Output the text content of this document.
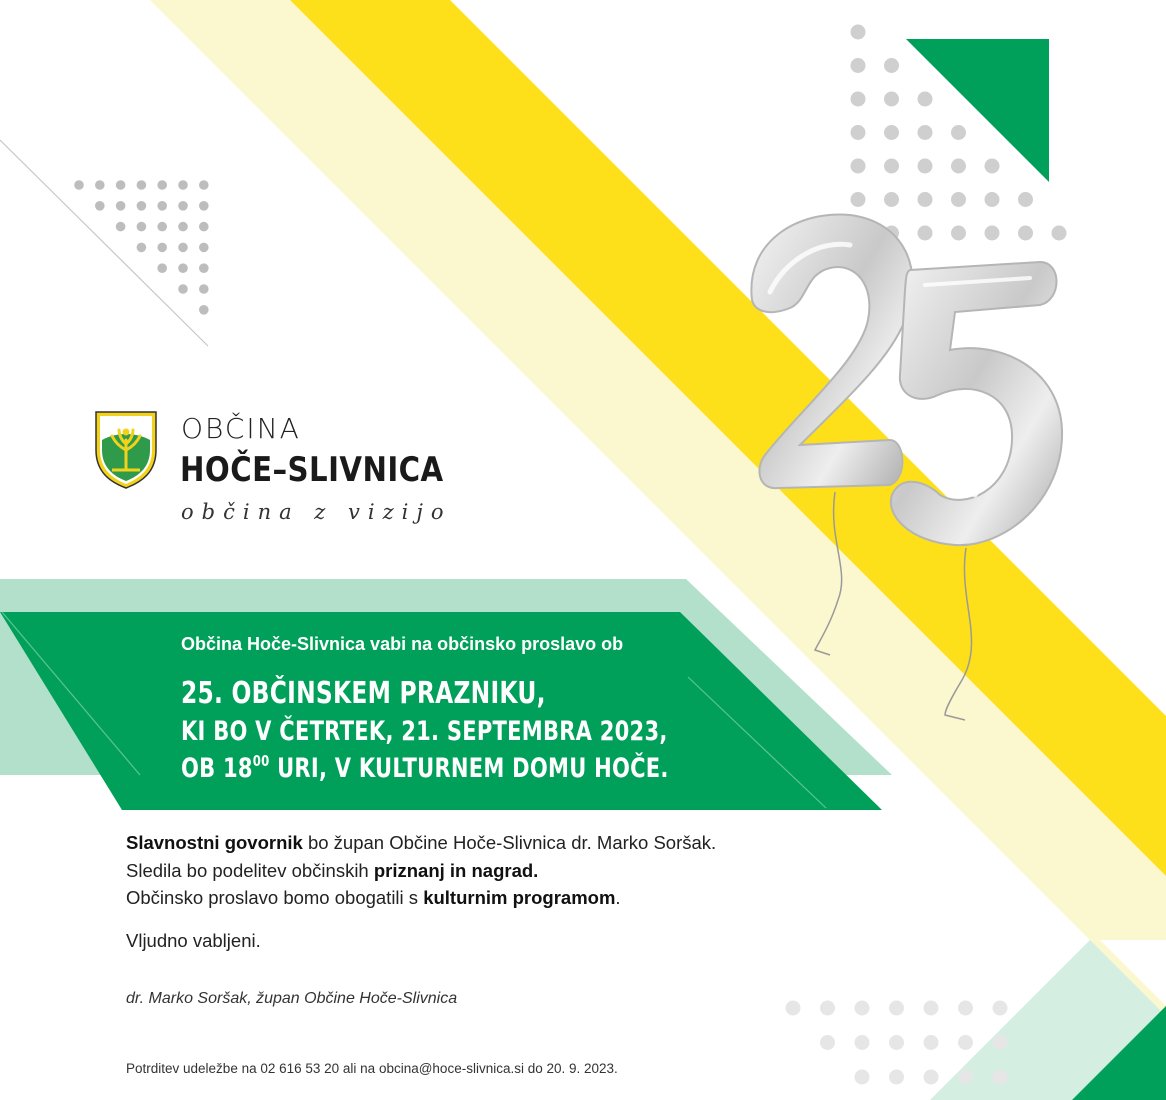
OBČINA
HOČE–SLIVNICA
občina z vizijo
Občina Hoče-Slivnica vabi na občinsko proslavo ob
25. OBČINSKEM PRAZNIKU,
KI BO V ČETRTEK, 21. SEPTEMBRA 2023,
OB $18^{00}$ URI, V KULTURNEM DOMU HOČE.
Slavnostni govornik bo župan Občine Hoče-Slivnica dr. Marko Soršak.
Sledila bo podelitev občinskih priznanj in nagrad.
Občinsko proslavo bomo obogatili s kulturnim programom.
Vljudno vabljeni.
dr. Marko Soršak, župan Občine Hoče-Slivnica
Potrditev udeležbe na 02 616 53 20 ali na obcina@hoce-slivnica.si do 20. 9. 2023.
